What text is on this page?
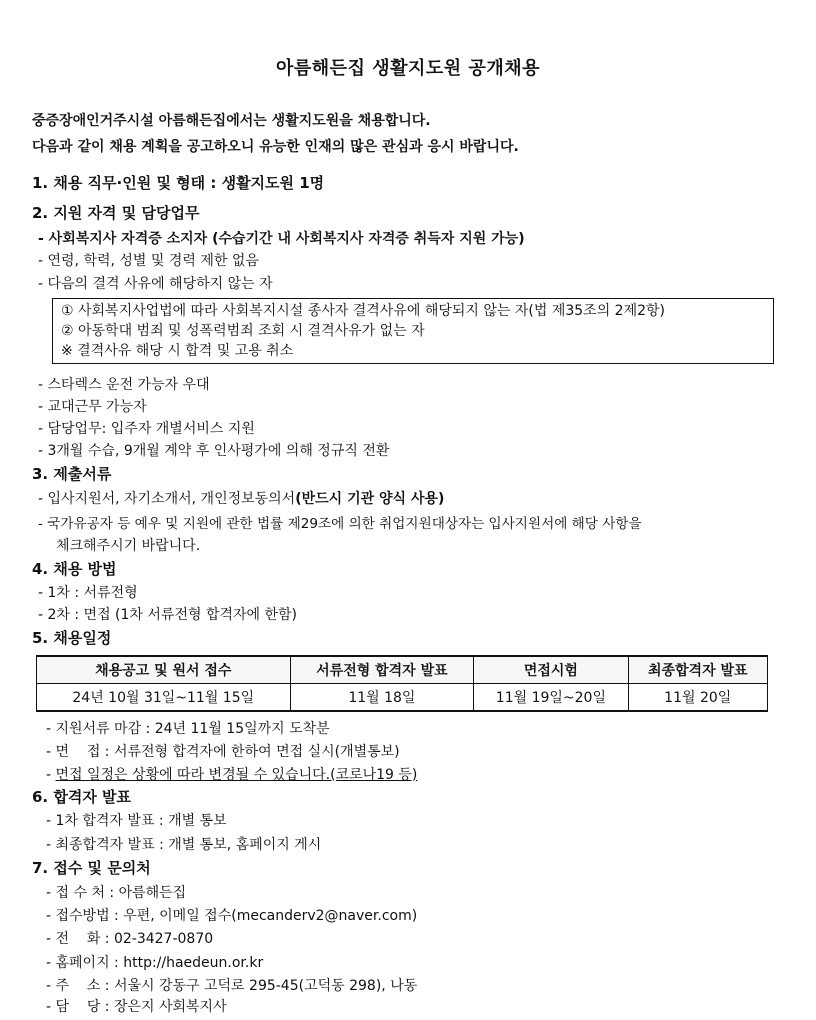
아름해든집 생활지도원 공개채용
중증장애인거주시설 아름해든집에서는 생활지도원을 채용합니다.
다음과 같이 채용 계획을 공고하오니 유능한 인재의 많은 관심과 응시 바랍니다.
1. 채용 직무·인원 및 형태 : 생활지도원 1명
2. 지원 자격 및 담당업무
- 사회복지사 자격증 소지자 (수습기간 내 사회복지사 자격증 취득자 지원 가능)
- 연령, 학력, 성별 및 경력 제한 없음
- 다음의 결격 사유에 해당하지 않는 자
① 사회복지사업법에 따라 사회복지시설 종사자 결격사유에 해당되지 않는 자(법 제35조의 2제2항)
② 아동학대 범죄 및 성폭력범죄 조회 시 결격사유가 없는 자
※ 결격사유 해당 시 합격 및 고용 취소
- 스타렉스 운전 가능자 우대
- 교대근무 가능자
- 담당업무: 입주자 개별서비스 지원
- 3개월 수습, 9개월 계약 후 인사평가에 의해 정규직 전환
3. 제출서류
- 입사지원서, 자기소개서, 개인정보동의서(반드시 기관 양식 사용)
- 국가유공자 등 예우 및 지원에 관한 법률 제29조에 의한 취업지원대상자는 입사지원서에 해당 사항을
체크해주시기 바랍니다.
4. 채용 방법
- 1차 : 서류전형
- 2차 : 면접 (1차 서류전형 합격자에 한함)
5. 채용일정
채용공고 및 원서 접수	서류전형 합격자 발표	면접시험	최종합격자 발표
24년 10월 31일~11월 15일	11월 18일	11월 19일~20일	11월 20일
- 지원서류 마감 : 24년 11월 15일까지 도착분
- 면    접 : 서류전형 합격자에 한하여 면접 실시(개별통보)
- 면접 일정은 상황에 따라 변경될 수 있습니다.(코로나19 등)
6. 합격자 발표
- 1차 합격자 발표 : 개별 통보
- 최종합격자 발표 : 개별 통보, 홈페이지 게시
7. 접수 및 문의처
- 접 수 처 : 아름해든집
- 접수방법 : 우편, 이메일 접수(mecanderv2@naver.com)
- 전    화 : 02-3427-0870
- 홈페이지 : http://haedeun.or.kr
- 주    소 : 서울시 강동구 고덕로 295-45(고덕동 298), 나동
- 담    당 : 장은지 사회복지사
